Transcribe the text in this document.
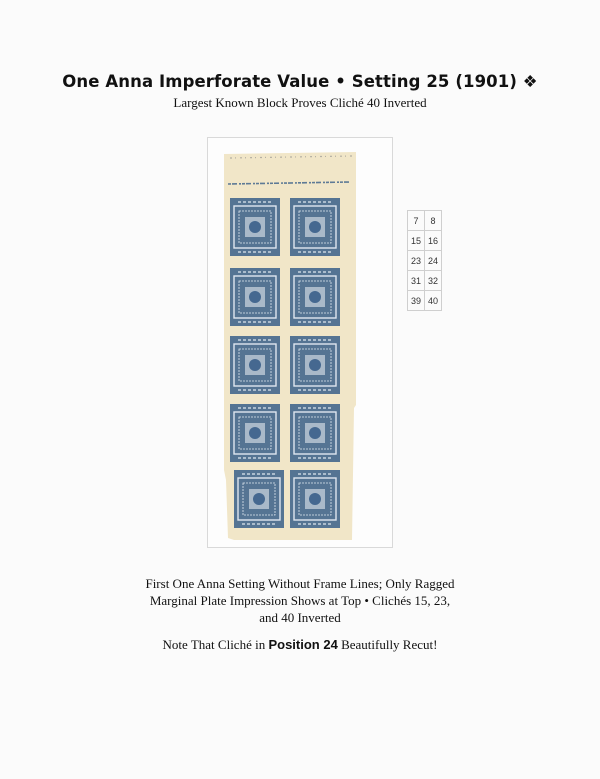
One Anna Imperforate Value • Setting 25 (1901) ❖
Largest Known Block Proves Cliché 40 Inverted
7	8
15	16
23	24
31	32
39	40
First One Anna Setting Without Frame Lines; Only Ragged
Marginal Plate Impression Shows at Top • Clichés 15, 23,
and 40 Inverted
Note That Cliché in Position 24 Beautifully Recut!
